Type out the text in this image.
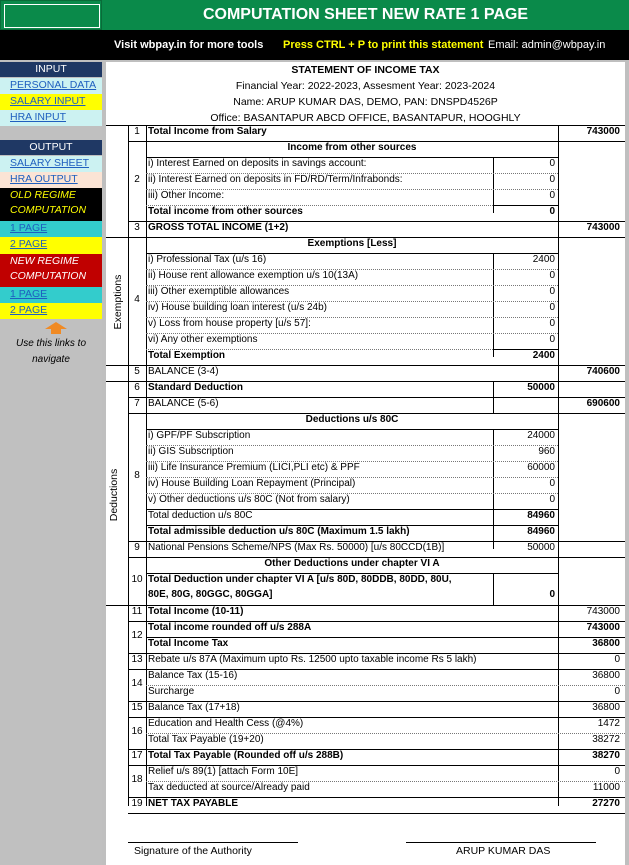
INPUT
PERSONAL DATA
SALARY INPUT
HRA INPUT
OUTPUT
SALARY SHEET
HRA OUTPUT
OLD REGIME COMPUTATION
1 PAGE
2 PAGE
NEW REGIME COMPUTATION
1 PAGE
2 PAGE
Use this links to navigate
COMPUTATION SHEET NEW RATE 1 PAGE
Visit wbpay.in for more tools Press CTRL + P to print this statement Email: admin@wbpay.in
STATEMENT OF INCOME TAX
Financial Year: 2022-2023, Assesment Year: 2023-2024
Name: ARUP KUMAR DAS, DEMO, PAN: DNSPD4526P
Office: BASANTAPUR ABCD OFFICE, BASANTAPUR, HOOGHLY
1 Total Income from Salary	743000
Income from other sources
2
i) Interest Earned on deposits in savings account:	0
ii) Interest Earned on deposits in FD/RD/Term/Infrabonds:	0
iii) Other Income:	0
Total income from other sources	0
3 GROSS TOTAL INCOME (1+2)	743000
Exemptions
Exemptions [Less]
4
i) Professional Tax (u/s 16)	2400
ii) House rent allowance exemption u/s 10(13A)	0
iii) Other exemptible allowances	0
iv) House building loan interest (u/s 24b)	0
v) Loss from house property [u/s 57]:	0
vi) Any other exemptions	0
Total Exemption	2400
5 BALANCE (3-4)	740600
6 Standard Deduction	50000
7 BALANCE (5-6)	690600
Deductions
Deductions u/s 80C
8
i) GPF/PF Subscription	24000
ii) GIS Subscription	960
iii) Life Insurance Premium (LICI,PLI etc) & PPF	60000
iv) House Building Loan Repayment (Principal)	0
v) Other deductions u/s 80C (Not from salary)	0
Total deduction u/s 80C	84960
Total admissible deduction u/s 80C (Maximum 1.5 lakh)	84960
9 National Pensions Scheme/NPS (Max Rs. 50000) [u/s 80CCD(1B)]	50000
Other Deductions under chapter VI A
10 Total Deduction under chapter VI A [u/s 80D, 80DDB, 80DD, 80U,
80E, 80G, 80GGC, 80GGA]	0
11 Total Income (10-11)	743000
12
Total income rounded off u/s 288A	743000
Total Income Tax	36800
13 Rebate u/s 87A (Maximum upto Rs. 12500 upto taxable income Rs 5 lakh)	0
14
Balance Tax (15-16)	36800
Surcharge	0
15 Balance Tax (17+18)	36800
16
Education and Health Cess (@4%)	1472
Total Tax Payable (19+20)	38272
17 Total Tax Payable (Rounded off u/s 288B)	38270
18
Relief u/s 89(1) [attach Form 10E]	0
Tax deducted at source/Already paid	11000
19 NET TAX PAYABLE	27270
Signature of the Authority	ARUP KUMAR DAS
